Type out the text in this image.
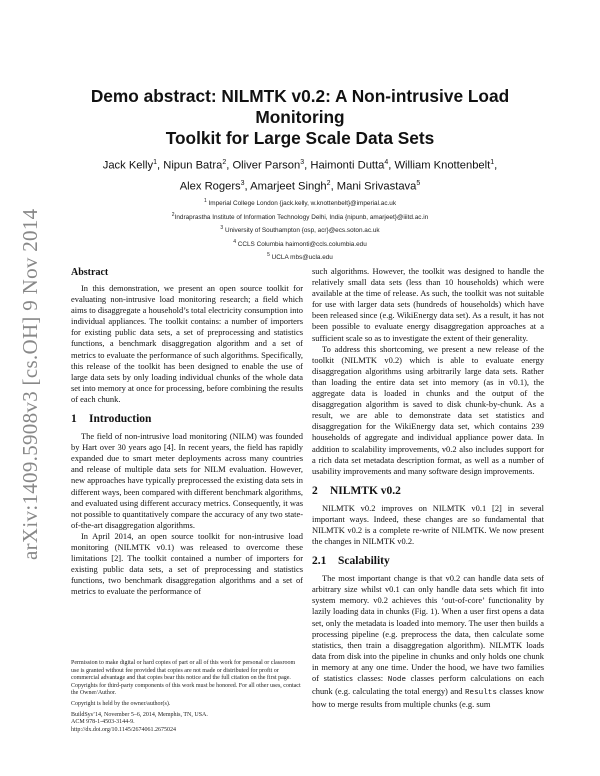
arXiv:1409.5908v3 [cs.OH] 9 Nov 2014
Demo abstract: NILMTK v0.2: A Non-intrusive Load Monitoring
Toolkit for Large Scale Data Sets
Jack Kelly$^1$, Nipun Batra$^2$, Oliver Parson$^3$, Haimonti Dutta$^4$, William Knottenbelt$^1$,
Alex Rogers$^3$, Amarjeet Singh$^2$, Mani Srivastava$^5$
$^1$ Imperial College London {jack.kelly, w.knottenbelt}@imperial.ac.uk
$^2$Indraprastha Institute of Information Technology Delhi, India {nipunb, amarjeet}@iiitd.ac.in
$^3$ University of Southampton {osp, acr}@ecs.soton.ac.uk
$^4$ CCLS Columbia haimonti@ccls.columbia.edu
$^5$ UCLA mbs@ucla.edu
Abstract

In this demonstration, we present an open source toolkit for evaluating non-intrusive load monitoring research; a field which aims to disaggregate a household’s total electricity consumption into individual appliances. The toolkit contains: a number of importers for existing public data sets, a set of preprocessing and statistics functions, a benchmark disaggregation algorithm and a set of metrics to evaluate the performance of such algorithms. Specifically, this release of the toolkit has been designed to enable the use of large data sets by only loading individual chunks of the whole data set into memory at once for processing, before combining the results of each chunk.

1 Introduction

The field of non-intrusive load monitoring (NILM) was founded by Hart over 30 years ago [4]. In recent years, the field has rapidly expanded due to smart meter deployments across many countries and release of multiple data sets for NILM evaluation. However, new approaches have typically preprocessed the existing data sets in different ways, been compared with different benchmark algorithms, and evaluated using different accuracy metrics. Consequently, it was not possible to quantitatively compare the accuracy of any two state-of-the-art disaggregation algorithms.

In April 2014, an open source toolkit for non-intrusive load monitoring (NILMTK v0.1) was released to overcome these limitations [2]. The toolkit contained a number of importers for existing public data sets, a set of preprocessing and statistics functions, two benchmark disaggregation algorithms and a set of metrics to evaluate the performance of

Permission to make digital or hard copies of part or all of this work for personal or classroom use is granted without fee provided that copies are not made or distributed for profit or commercial advantage and that copies bear this notice and the full citation on the first page. Copyrights for third-party components of this work must be honored. For all other uses, contact the Owner/Author.

Copyright is held by the owner/author(s).

BuildSys’14, November 5–6, 2014, Memphis, TN, USA.
ACM 978-1-4503-3144-9.
http://dx.doi.org/10.1145/2674061.2675024

such algorithms. However, the toolkit was designed to handle the relatively small data sets (less than 10 households) which were available at the time of release. As such, the toolkit was not suitable for use with larger data sets (hundreds of households) which have been released since (e.g. WikiEnergy data set). As a result, it has not been possible to evaluate energy disaggregation approaches at a sufficient scale so as to investigate the extent of their generality.

To address this shortcoming, we present a new release of the toolkit (NILMTK v0.2) which is able to evaluate energy disaggregation algorithms using arbitrarily large data sets. Rather than loading the entire data set into memory (as in v0.1), the aggregate data is loaded in chunks and the output of the disaggregation algorithm is saved to disk chunk-by-chunk. As a result, we are able to demonstrate data set statistics and disaggregation for the WikiEnergy data set, which contains 239 households of aggregate and individual appliance power data. In addition to scalability improvements, v0.2 also includes support for a rich data set metadata description format, as well as a number of usability improvements and many software design improvements.

2 NILMTK v0.2

NILMTK v0.2 improves on NILMTK v0.1 [2] in several important ways. Indeed, these changes are so fundamental that NILMTK v0.2 is a complete re-write of NILMTK. We now present the changes in NILMTK v0.2.

2.1 Scalability

The most important change is that v0.2 can handle data sets of arbitrary size whilst v0.1 can only handle data sets which fit into system memory. v0.2 achieves this ‘out-of-core’ functionality by lazily loading data in chunks (Fig. 1). When a user first opens a data set, only the metadata is loaded into memory. The user then builds a processing pipeline (e.g. preprocess the data, then calculate some statistics, then train a disaggregation algorithm). NILMTK loads data from disk into the pipeline in chunks and only holds one chunk in memory at any one time. Under the hood, we have two families of statistics classes: Node classes perform calculations on each chunk (e.g. calculating the total energy) and Results classes know how to merge results from multiple chunks (e.g. sum
